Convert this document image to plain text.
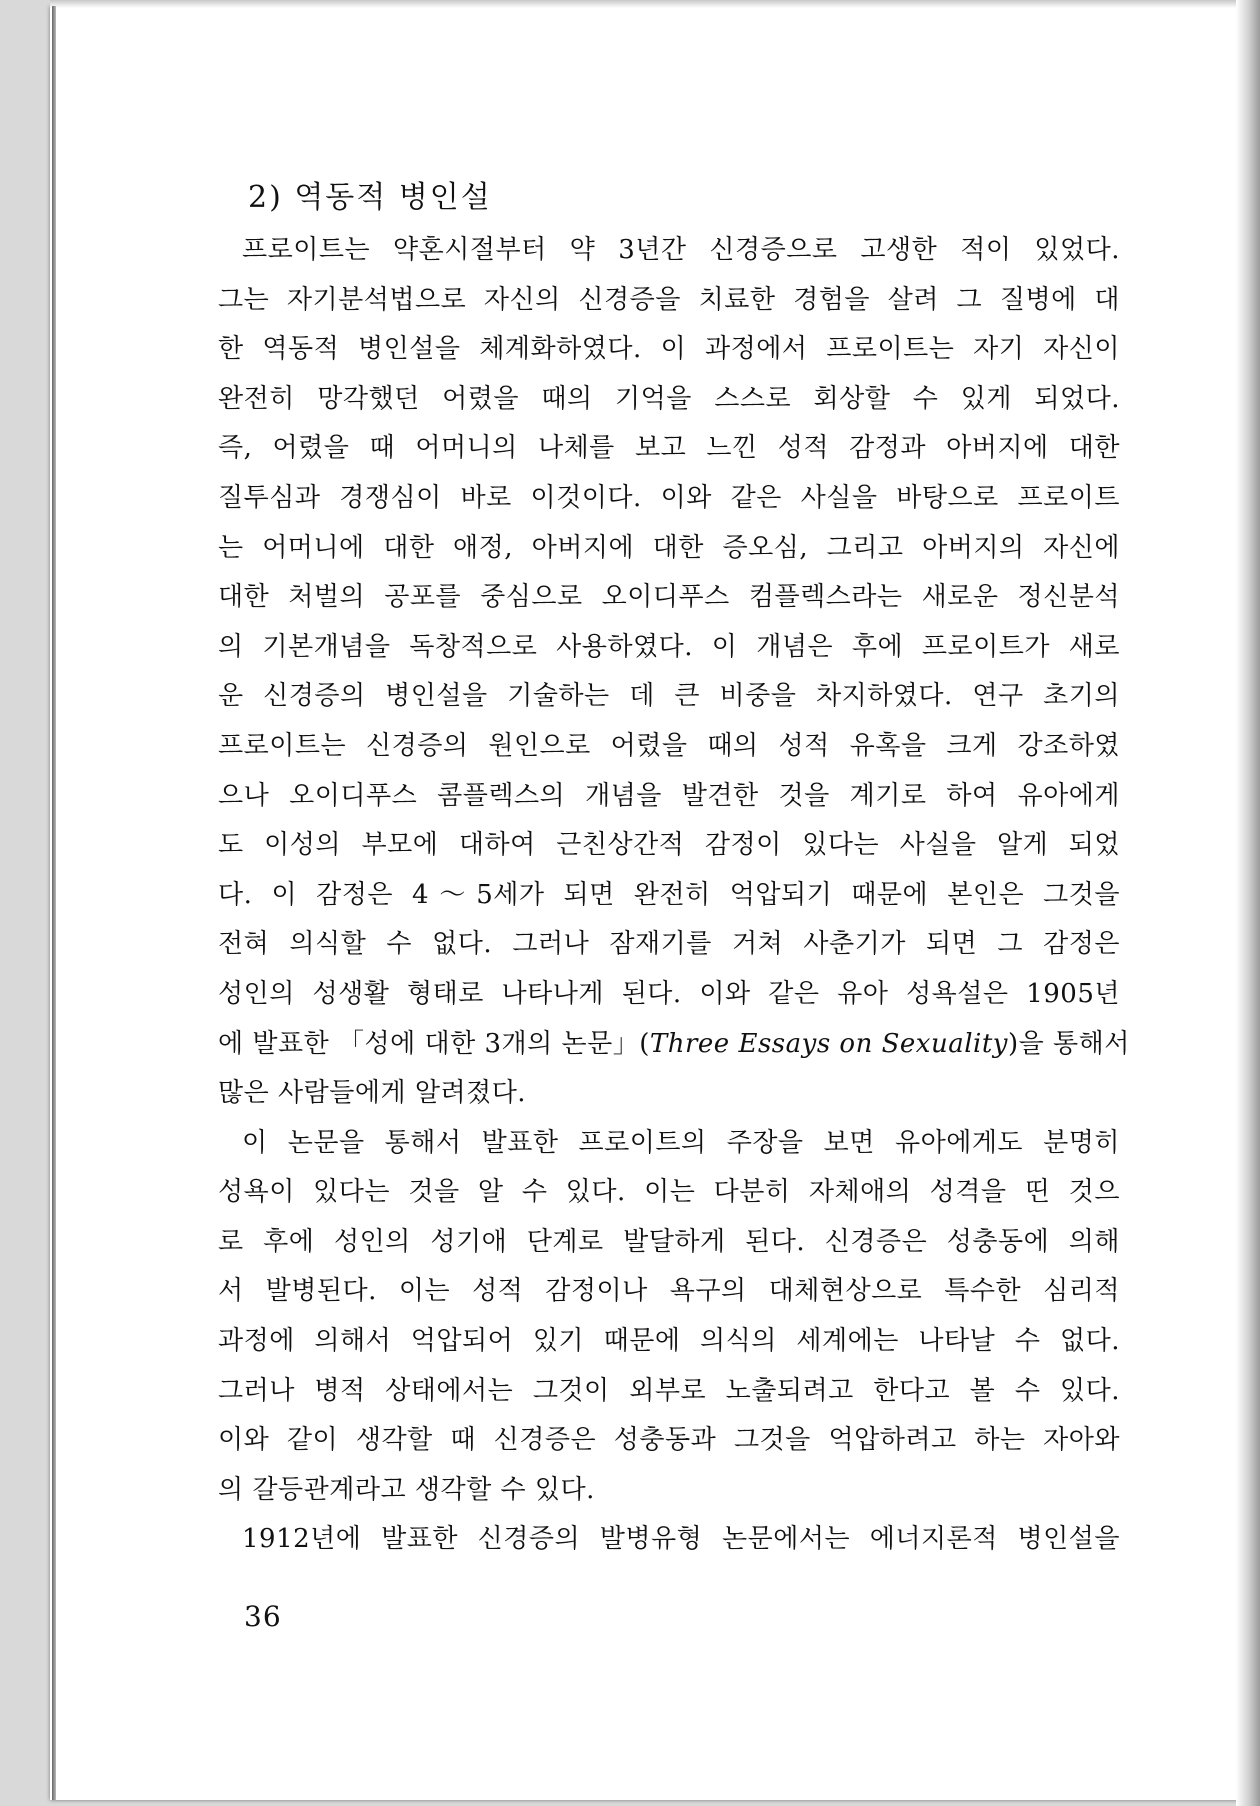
2) 역동적 병인설
프로이트는 약혼시절부터 약 3년간 신경증으로 고생한 적이 있었다.
그는 자기분석법으로 자신의 신경증을 치료한 경험을 살려 그 질병에 대
한 역동적 병인설을 체계화하였다. 이 과정에서 프로이트는 자기 자신이
완전히 망각했던 어렸을 때의 기억을 스스로 회상할 수 있게 되었다.
즉, 어렸을 때 어머니의 나체를 보고 느낀 성적 감정과 아버지에 대한
질투심과 경쟁심이 바로 이것이다. 이와 같은 사실을 바탕으로 프로이트
는 어머니에 대한 애정, 아버지에 대한 증오심, 그리고 아버지의 자신에
대한 처벌의 공포를 중심으로 오이디푸스 컴플렉스라는 새로운 정신분석
의 기본개념을 독창적으로 사용하였다. 이 개념은 후에 프로이트가 새로
운 신경증의 병인설을 기술하는 데 큰 비중을 차지하였다. 연구 초기의
프로이트는 신경증의 원인으로 어렸을 때의 성적 유혹을 크게 강조하였
으나 오이디푸스 콤플렉스의 개념을 발견한 것을 계기로 하여 유아에게
도 이성의 부모에 대하여 근친상간적 감정이 있다는 사실을 알게 되었
다. 이 감정은 4～5세가 되면 완전히 억압되기 때문에 본인은 그것을
전혀 의식할 수 없다. 그러나 잠재기를 거쳐 사춘기가 되면 그 감정은
성인의 성생활 형태로 나타나게 된다. 이와 같은 유아 성욕설은 1905년
에 발표한 「성에 대한 3개의 논문」(Three Essays on Sexuality)을 통해서
많은 사람들에게 알려졌다.
이 논문을 통해서 발표한 프로이트의 주장을 보면 유아에게도 분명히
성욕이 있다는 것을 알 수 있다. 이는 다분히 자체애의 성격을 띤 것으
로 후에 성인의 성기애 단계로 발달하게 된다. 신경증은 성충동에 의해
서 발병된다. 이는 성적 감정이나 욕구의 대체현상으로 특수한 심리적
과정에 의해서 억압되어 있기 때문에 의식의 세계에는 나타날 수 없다.
그러나 병적 상태에서는 그것이 외부로 노출되려고 한다고 볼 수 있다.
이와 같이 생각할 때 신경증은 성충동과 그것을 억압하려고 하는 자아와
의 갈등관계라고 생각할 수 있다.
1912년에 발표한 신경증의 발병유형 논문에서는 에너지론적 병인설을
36
